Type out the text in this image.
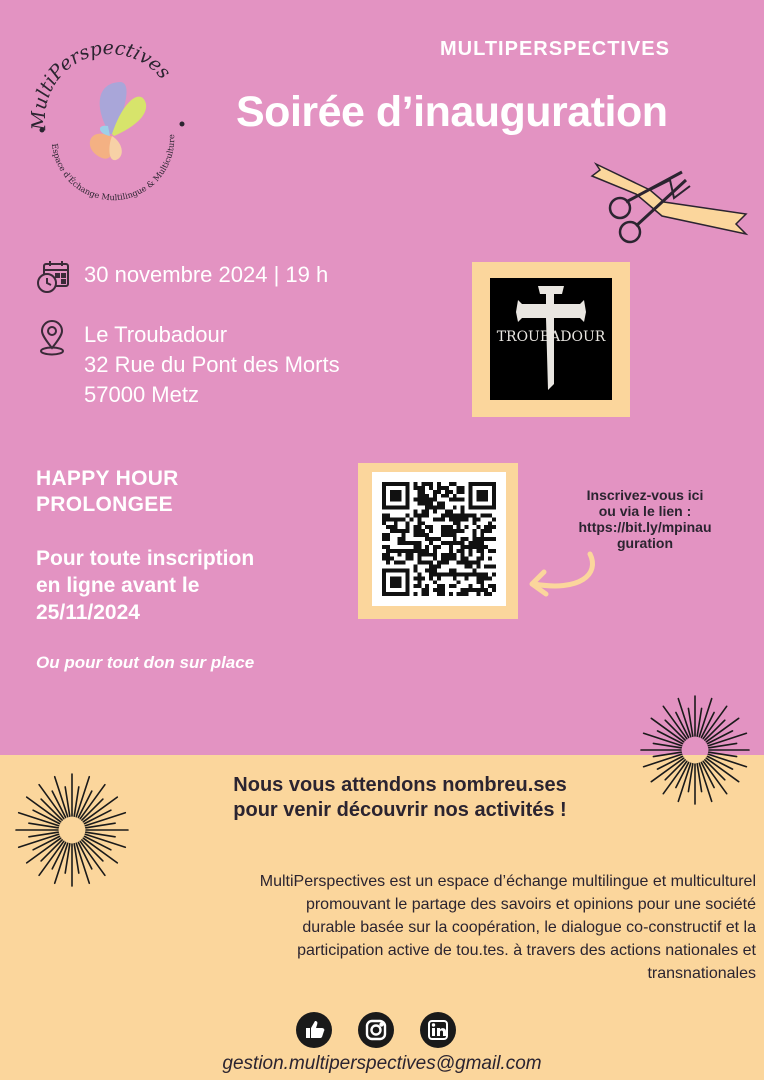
MultiPerspectives
Espace d’Échange Multilingue & Multiculture
MULTIPERSPECTIVES
Soirée d’inauguration
30 novembre 2024 | 19 h
Le Troubadour
32 Rue du Pont des Morts
57000 Metz
TROUBADOUR
HAPPY HOUR
PROLONGEE
Pour toute inscription
en ligne avant le
25/11/2024
Ou pour tout don sur place
Inscrivez-vous ici
ou via le lien :
https://bit.ly/mpinau
guration
Nous vous attendons nombreu.ses
pour venir découvrir nos activités !
MultiPerspectives est un espace d’échange multilingue et multiculturel
promouvant le partage des savoirs et opinions pour une société
durable basée sur la coopération, le dialogue co-constructif et la
participation active de tou.tes. à travers des actions nationales et
transnationales
gestion.multiperspectives@gmail.com
